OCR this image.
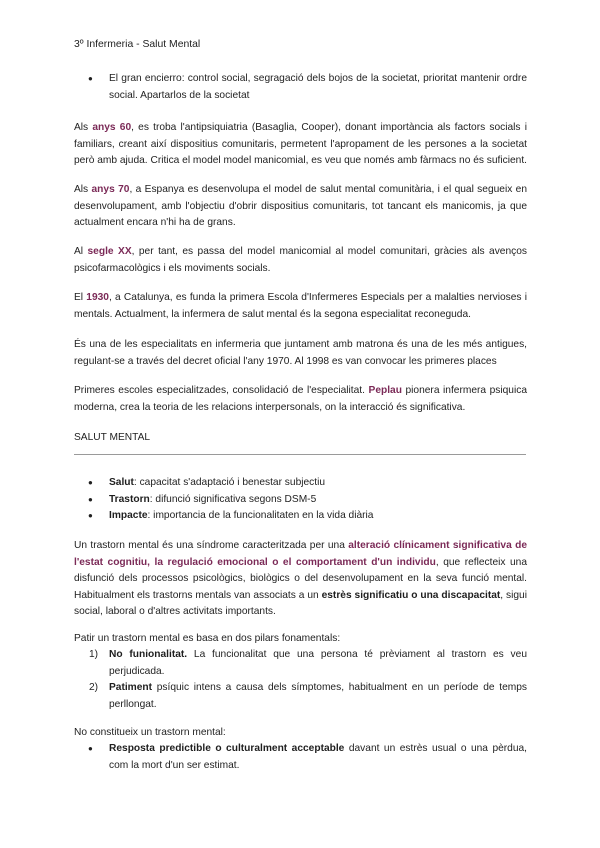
3º Infermeria - Salut Mental
● El gran encierro: control social, segragació dels bojos de la societat, prioritat mantenir ordre social. Apartarlos de la societat
Als anys 60, es troba l'antipsiquiatria (Basaglia, Cooper), donant importància als factors socials i familiars, creant així dispositius comunitaris, permetent l'apropament de les persones a la societat però amb ajuda. Critica el model model manicomial, es veu que només amb fàrmacs no és suficient.
Als anys 70, a Espanya es desenvolupa el model de salut mental comunitària, i el qual segueix en desenvolupament, amb l'objectiu d'obrir dispositius comunitaris, tot tancant els manicomis, ja que actualment encara n'hi ha de grans.
Al segle XX, per tant, es passa del model manicomial al model comunitari, gràcies als avenços psicofarmacològics i els moviments socials.
El 1930, a Catalunya, es funda la primera Escola d'Infermeres Especials per a malalties nervioses i mentals. Actualment, la infermera de salut mental és la segona especialitat reconeguda.
És una de les especialitats en infermeria que juntament amb matrona és una de les més antigues, regulant-se a través del decret oficial l'any 1970. Al 1998 es van convocar les primeres places
Primeres escoles especialitzades, consolidació de l'especialitat. Peplau pionera infermera psiquica moderna, crea la teoria de les relacions interpersonals, on la interacció és significativa.
SALUT MENTAL
● Salut: capacitat s'adaptació i benestar subjectiu
● Trastorn: difunció significativa segons DSM-5
● Impacte: importancia de la funcionalitaten en la vida diària
Un trastorn mental és una síndrome caracteritzada per una alteració clínicament significativa de l'estat cognitiu, la regulació emocional o el comportament d'un individu, que reflecteix una disfunció dels processos psicològics, biològics o del desenvolupament en la seva funció mental. Habitualment els trastorns mentals van associats a un estrès significatiu o una discapacitat, sigui social, laboral o d'altres activitats importants.
Patir un trastorn mental es basa en dos pilars fonamentals:
1) No funionalitat. La funcionalitat que una persona té prèviament al trastorn es veu perjudicada.
2) Patiment psíquic intens a causa dels símptomes, habitualment en un període de temps perllongat.
No constitueix un trastorn mental:
● Resposta predictible o culturalment acceptable davant un estrès usual o una pèrdua, com la mort d'un ser estimat.
